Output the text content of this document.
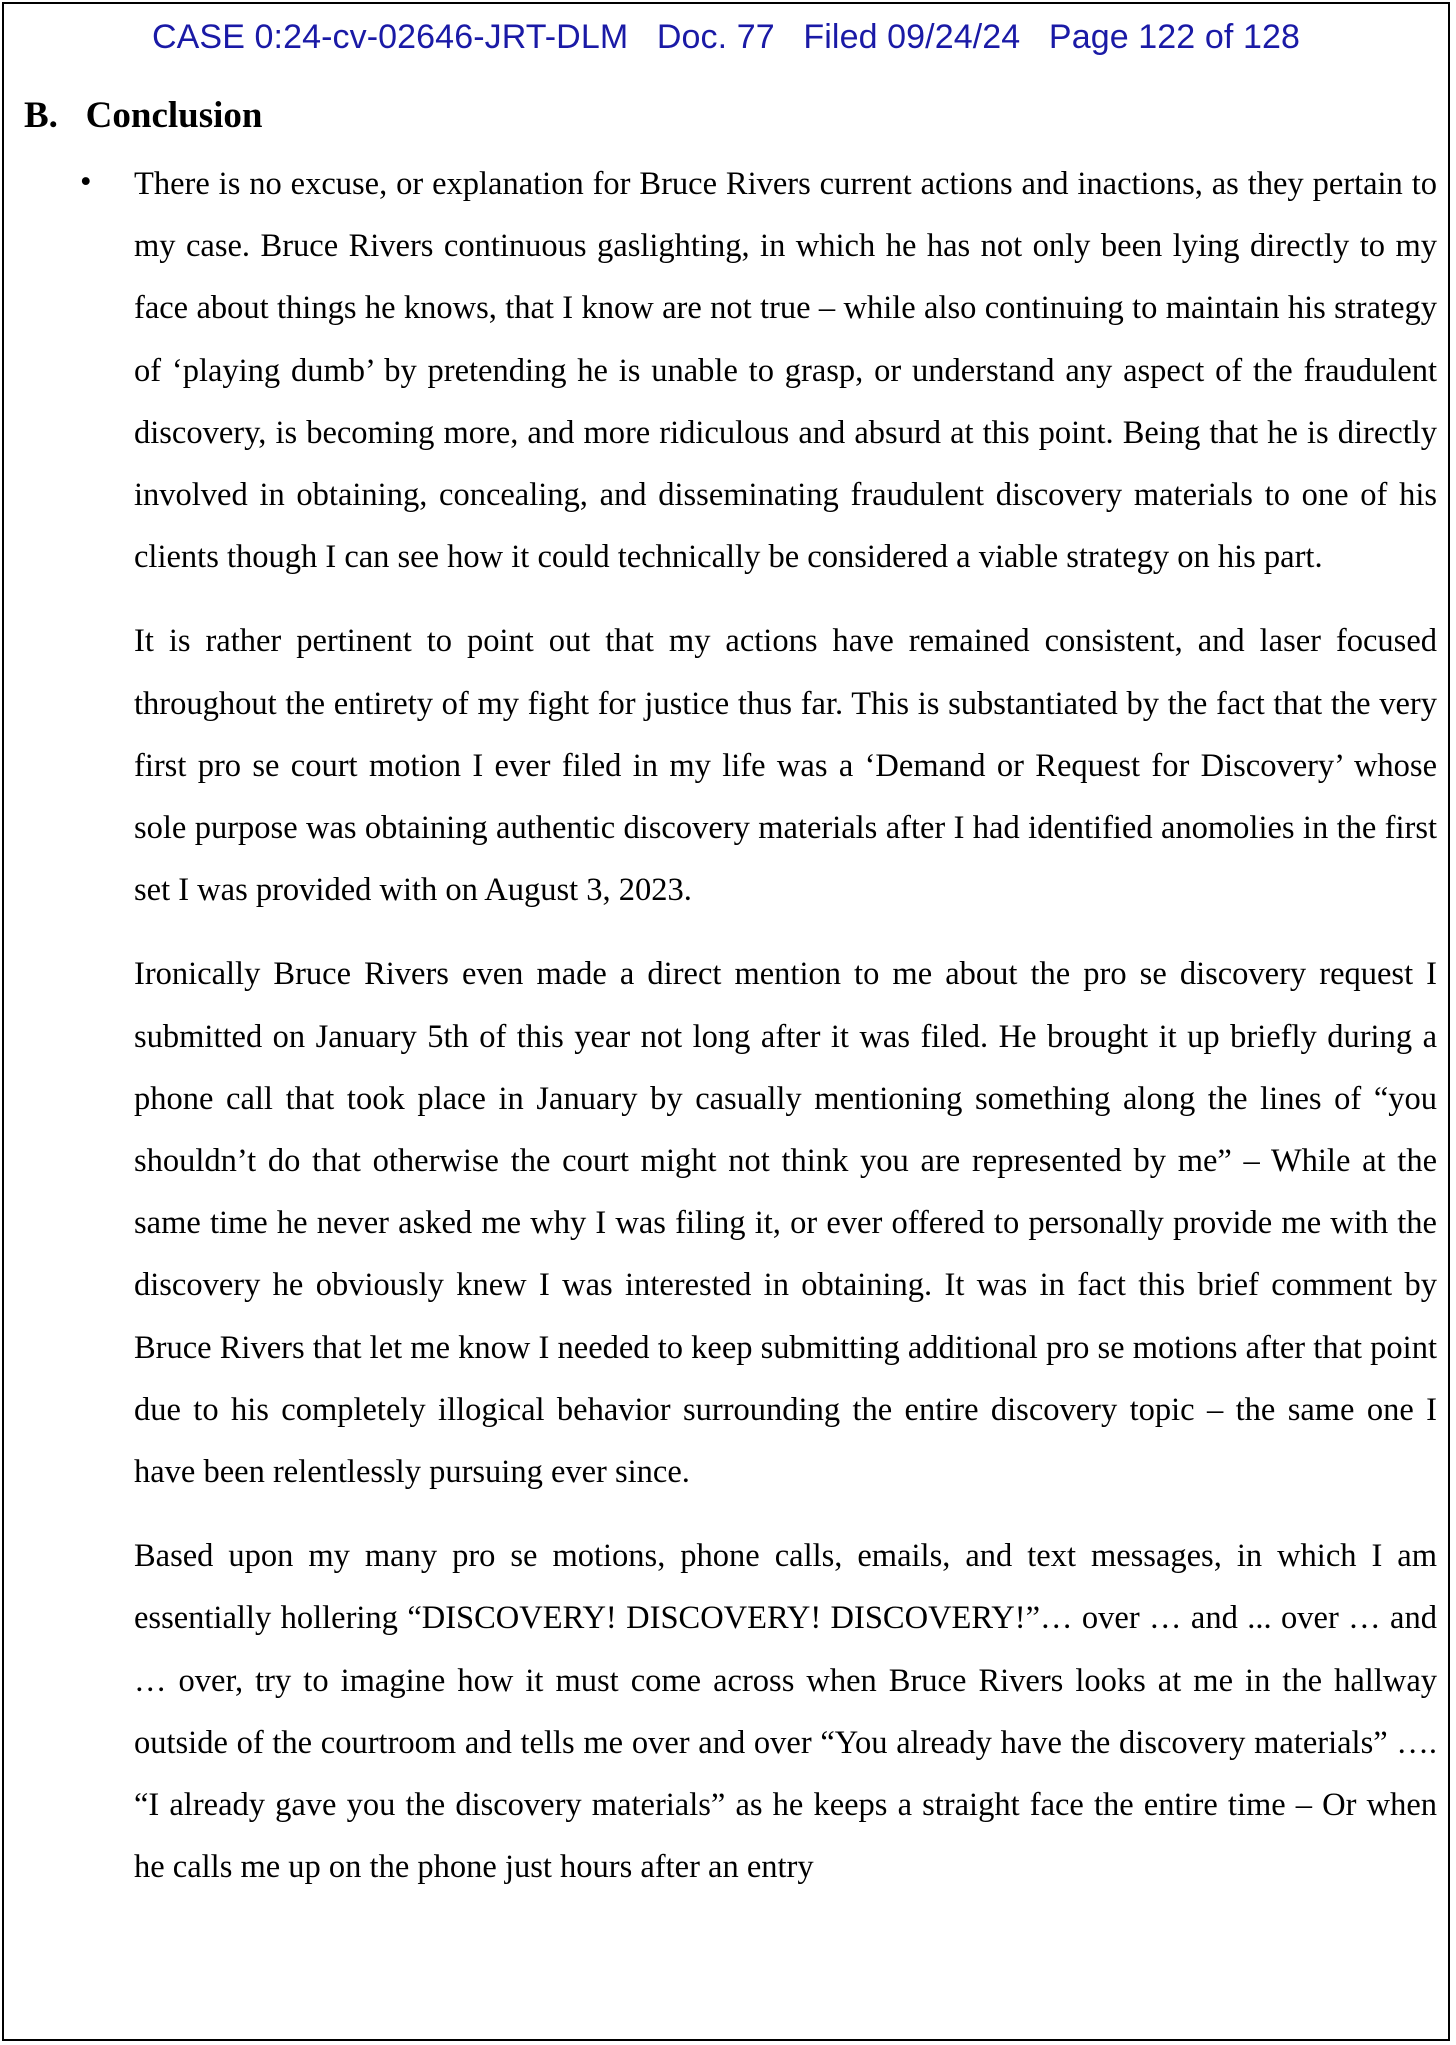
CASE 0:24-cv-02646-JRT-DLM   Doc. 77   Filed 09/24/24   Page 122 of 128
B.   Conclusion
• There is no excuse, or explanation for Bruce Rivers current actions and inactions, as they pertain to my case. Bruce Rivers continuous gaslighting, in which he has not only been lying directly to my face about things he knows, that I know are not true – while also continuing to maintain his strategy of ‘playing dumb’ by pretending he is unable to grasp, or understand any aspect of the fraudulent discovery, is becoming more, and more ridiculous and absurd at this point. Being that he is directly involved in obtaining, concealing, and disseminating fraudulent discovery materials to one of his clients though I can see how it could technically be considered a viable strategy on his part.

It is rather pertinent to point out that my actions have remained consistent, and laser focused throughout the entirety of my fight for justice thus far. This is substantiated by the fact that the very first pro se court motion I ever filed in my life was a ‘Demand or Request for Discovery’ whose sole purpose was obtaining authentic discovery materials after I had identified anomolies in the first set I was provided with on August 3, 2023.

Ironically Bruce Rivers even made a direct mention to me about the pro se discovery request I submitted on January 5th of this year not long after it was filed. He brought it up briefly during a phone call that took place in January by casually mentioning something along the lines of “you shouldn’t do that otherwise the court might not think you are represented by me” – While at the same time he never asked me why I was filing it, or ever offered to personally provide me with the discovery he obviously knew I was interested in obtaining. It was in fact this brief comment by Bruce Rivers that let me know I needed to keep submitting additional pro se motions after that point due to his completely illogical behavior surrounding the entire discovery topic – the same one I have been relentlessly pursuing ever since.

Based upon my many pro se motions, phone calls, emails, and text messages, in which I am essentially hollering “DISCOVERY! DISCOVERY! DISCOVERY!”… over … and ... over … and … over, try to imagine how it must come across when Bruce Rivers looks at me in the hallway outside of the courtroom and tells me over and over “You already have the discovery materials” …. “I already gave you the discovery materials” as he keeps a straight face the entire time – Or when he calls me up on the phone just hours after an entry
